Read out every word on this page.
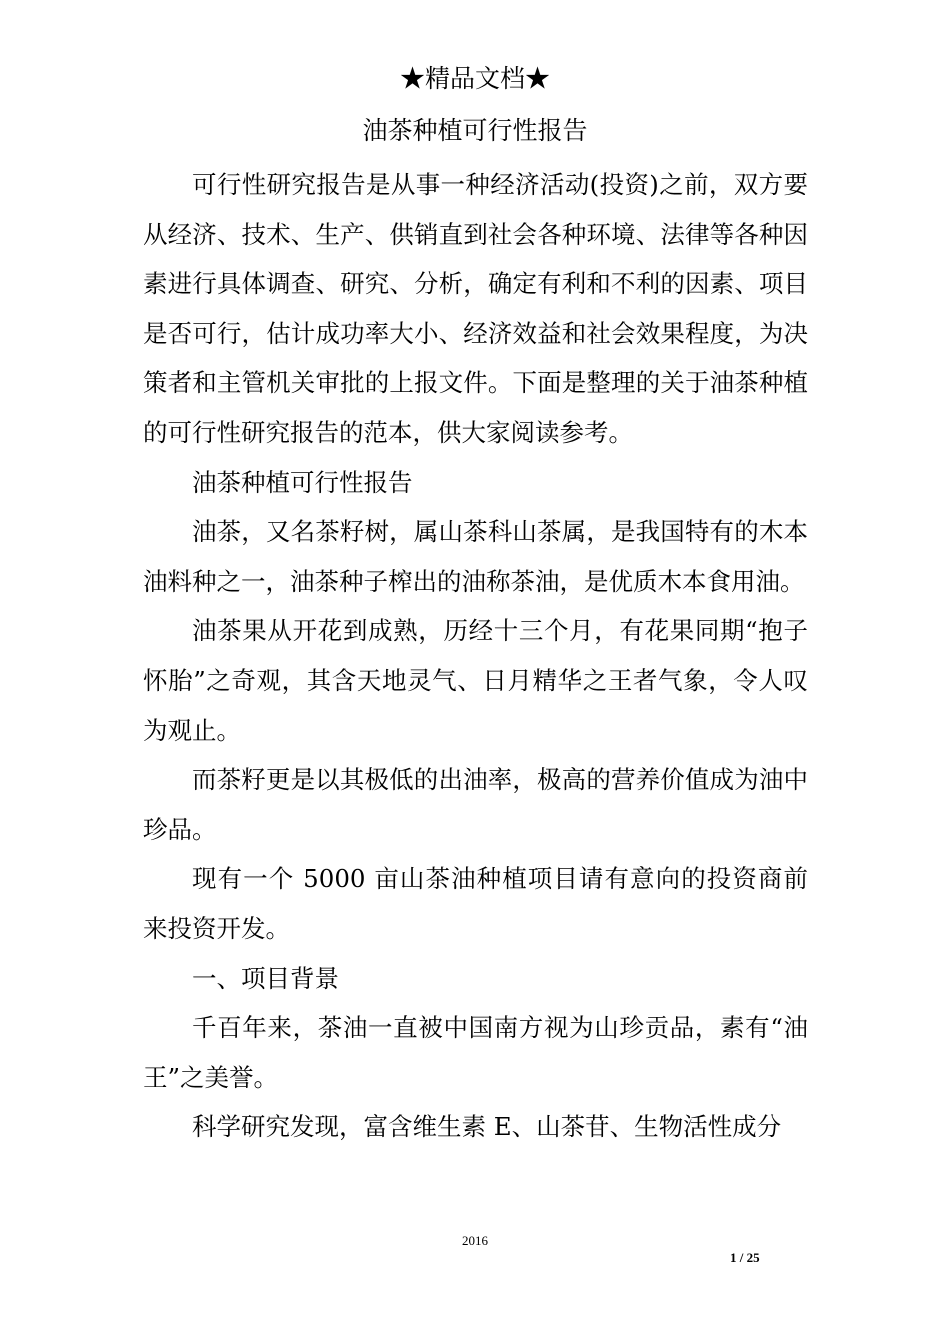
★精品文档★
油茶种植可行性报告

可行性研究报告是从事一种经济活动(投资)之前，双方要从经济、技术、生产、供销直到社会各种环境、法律等各种因素进行具体调查、研究、分析，确定有利和不利的因素、项目是否可行，估计成功率大小、经济效益和社会效果程度，为决策者和主管机关审批的上报文件。下面是整理的关于油茶种植的可行性研究报告的范本，供大家阅读参考。

油茶种植可行性报告

油茶，又名茶籽树，属山茶科山茶属，是我国特有的木本油料种之一，油茶种子榨出的油称茶油，是优质木本食用油。

油茶果从开花到成熟，历经十三个月，有花果同期“抱子怀胎”之奇观，其含天地灵气、日月精华之王者气象，令人叹为观止。

而茶籽更是以其极低的出油率，极高的营养价值成为油中珍品。

现有一个 5000 亩山茶油种植项目请有意向的投资商前来投资开发。

一、项目背景

千百年来，茶油一直被中国南方视为山珍贡品，素有“油王”之美誉。

科学研究发现，富含维生素 E、山茶苷、生物活性成分

2016
1 / 25
